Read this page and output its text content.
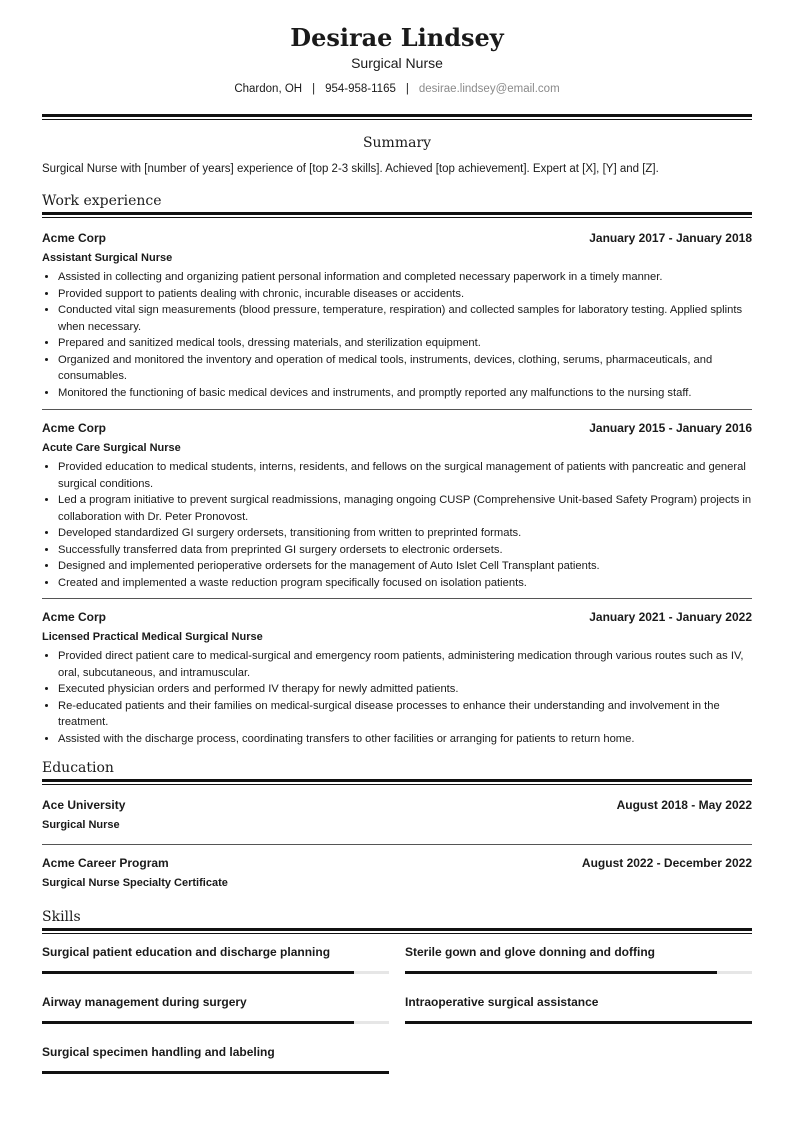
Desirae Lindsey
Surgical Nurse
Chardon, OH | 954-958-1165 | desirae.lindsey@email.com
Summary
Surgical Nurse with [number of years] experience of [top 2-3 skills]. Achieved [top achievement]. Expert at [X], [Y] and [Z].
Work experience
Acme Corp	January 2017 - January 2018
Assistant Surgical Nurse
• Assisted in collecting and organizing patient personal information and completed necessary paperwork in a timely manner.
• Provided support to patients dealing with chronic, incurable diseases or accidents.
• Conducted vital sign measurements (blood pressure, temperature, respiration) and collected samples for laboratory testing. Applied splints when necessary.
• Prepared and sanitized medical tools, dressing materials, and sterilization equipment.
• Organized and monitored the inventory and operation of medical tools, instruments, devices, clothing, serums, pharmaceuticals, and consumables.
• Monitored the functioning of basic medical devices and instruments, and promptly reported any malfunctions to the nursing staff.
Acme Corp	January 2015 - January 2016
Acute Care Surgical Nurse
• Provided education to medical students, interns, residents, and fellows on the surgical management of patients with pancreatic and general surgical conditions.
• Led a program initiative to prevent surgical readmissions, managing ongoing CUSP (Comprehensive Unit-based Safety Program) projects in collaboration with Dr. Peter Pronovost.
• Developed standardized GI surgery ordersets, transitioning from written to preprinted formats.
• Successfully transferred data from preprinted GI surgery ordersets to electronic ordersets.
• Designed and implemented perioperative ordersets for the management of Auto Islet Cell Transplant patients.
• Created and implemented a waste reduction program specifically focused on isolation patients.
Acme Corp	January 2021 - January 2022
Licensed Practical Medical Surgical Nurse
• Provided direct patient care to medical-surgical and emergency room patients, administering medication through various routes such as IV, oral, subcutaneous, and intramuscular.
• Executed physician orders and performed IV therapy for newly admitted patients.
• Re-educated patients and their families on medical-surgical disease processes to enhance their understanding and involvement in the treatment.
• Assisted with the discharge process, coordinating transfers to other facilities or arranging for patients to return home.
Education
Ace University	August 2018 - May 2022
Surgical Nurse
Acme Career Program	August 2022 - December 2022
Surgical Nurse Specialty Certificate
Skills
Surgical patient education and discharge planning	Sterile gown and glove donning and doffing
Airway management during surgery	Intraoperative surgical assistance
Surgical specimen handling and labeling
